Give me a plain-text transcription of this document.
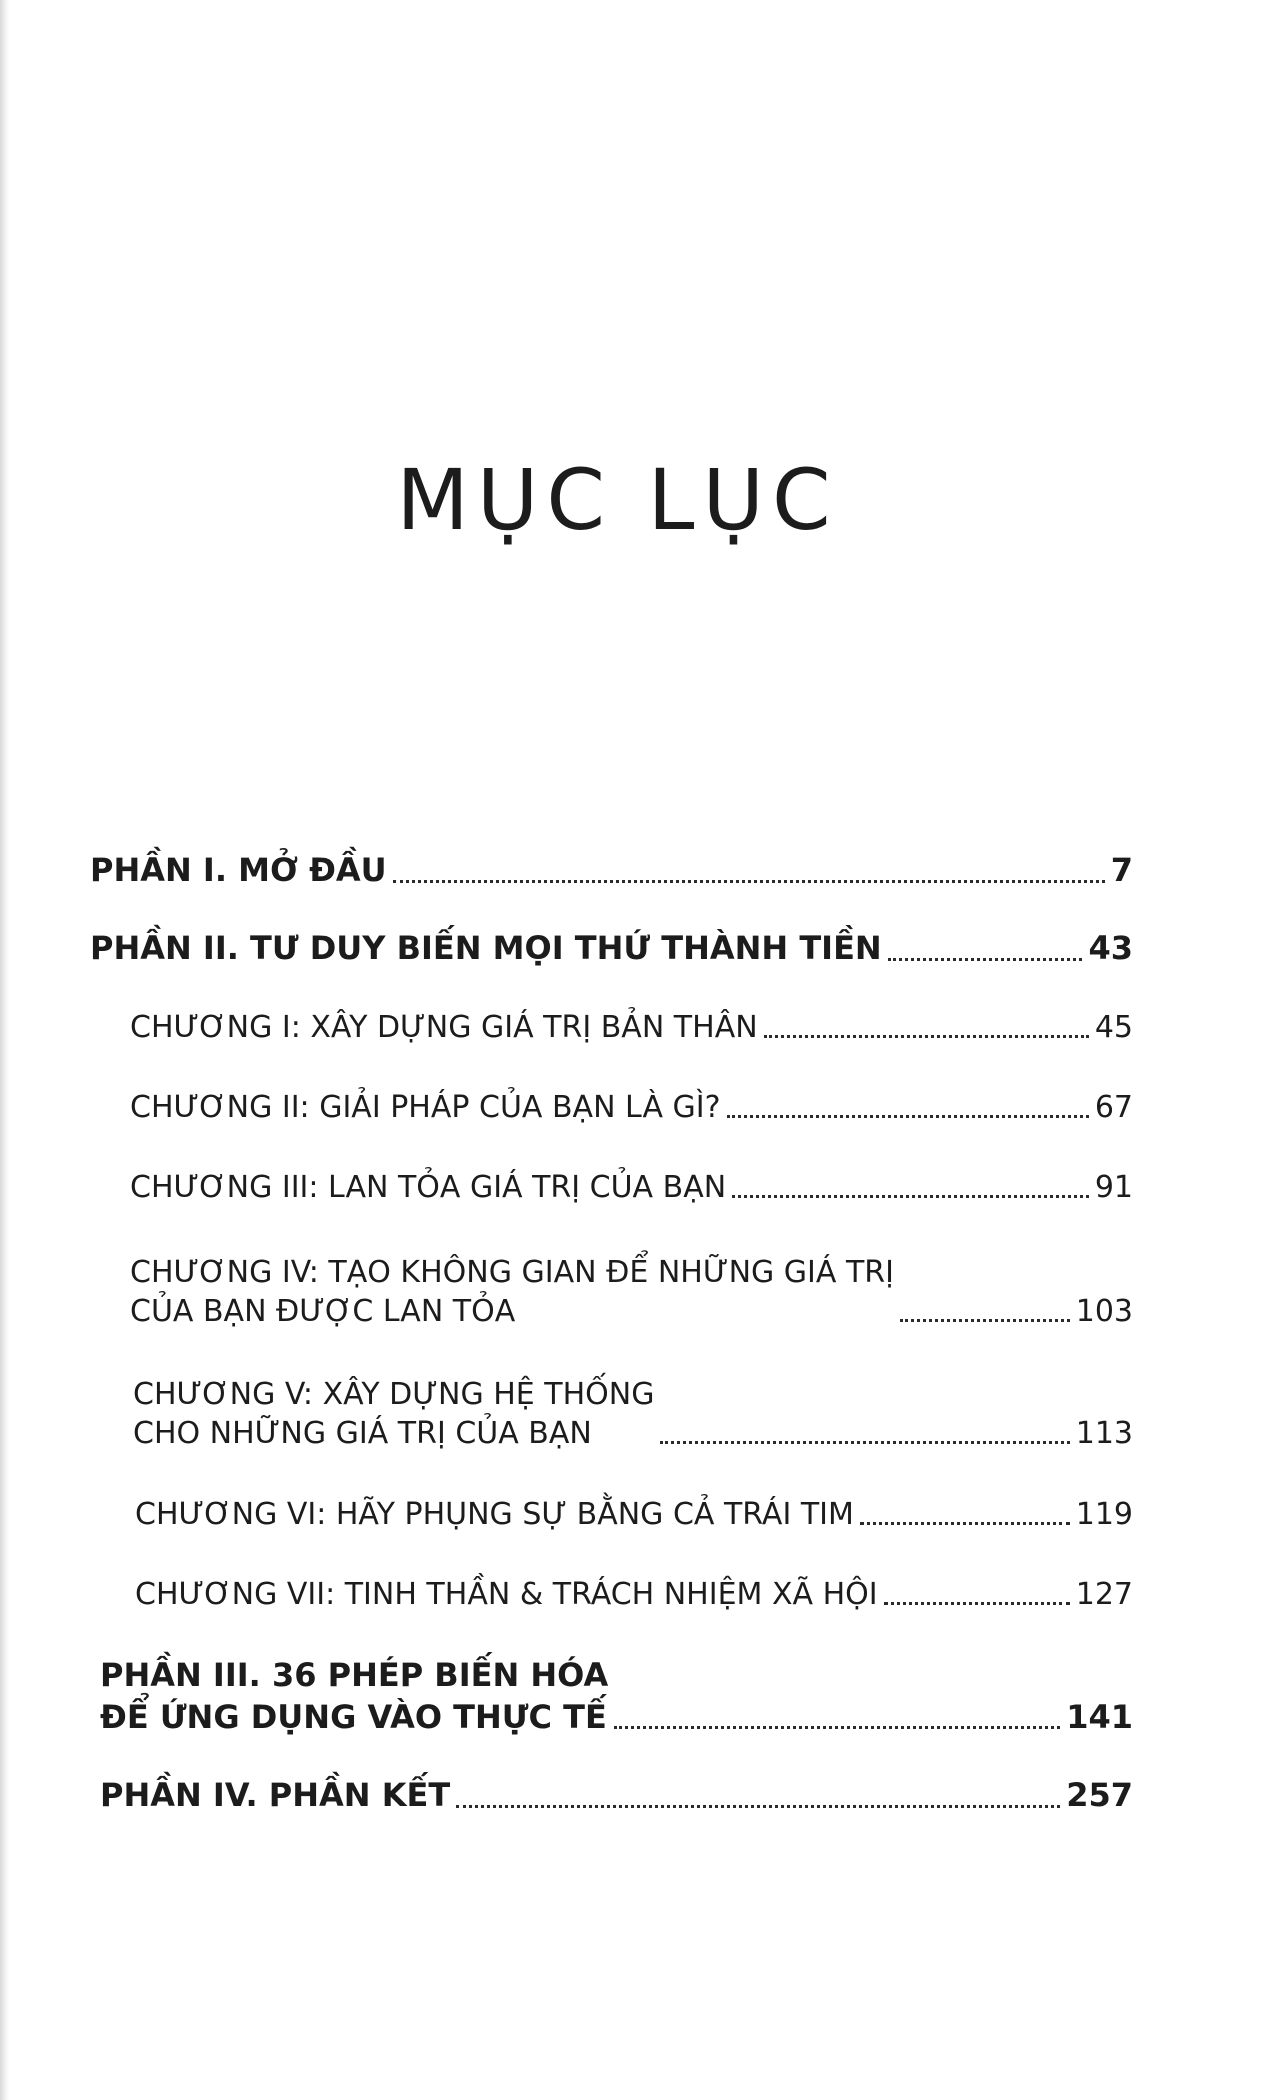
MỤC LỤC
PHẦN I. MỞ ĐẦU	7
PHẦN II. TƯ DUY BIẾN MỌI THỨ THÀNH TIỀN	43
CHƯƠNG I: XÂY DỰNG GIÁ TRỊ BẢN THÂN	45
CHƯƠNG II: GIẢI PHÁP CỦA BẠN LÀ GÌ?	67
CHƯƠNG III: LAN TỎA GIÁ TRỊ CỦA BẠN	91
CHƯƠNG IV: TẠO KHÔNG GIAN ĐỂ NHỮNG GIÁ TRỊ
CỦA BẠN ĐƯỢC LAN TỎA	103
CHƯƠNG V: XÂY DỰNG HỆ THỐNG
CHO NHỮNG GIÁ TRỊ CỦA BẠN	113
CHƯƠNG VI: HÃY PHỤNG SỰ BẰNG CẢ TRÁI TIM	119
CHƯƠNG VII: TINH THẦN & TRÁCH NHIỆM XÃ HỘI	127
PHẦN III. 36 PHÉP BIẾN HÓA
ĐỂ ỨNG DỤNG VÀO THỰC TẾ	141
PHẦN IV. PHẦN KẾT	257
